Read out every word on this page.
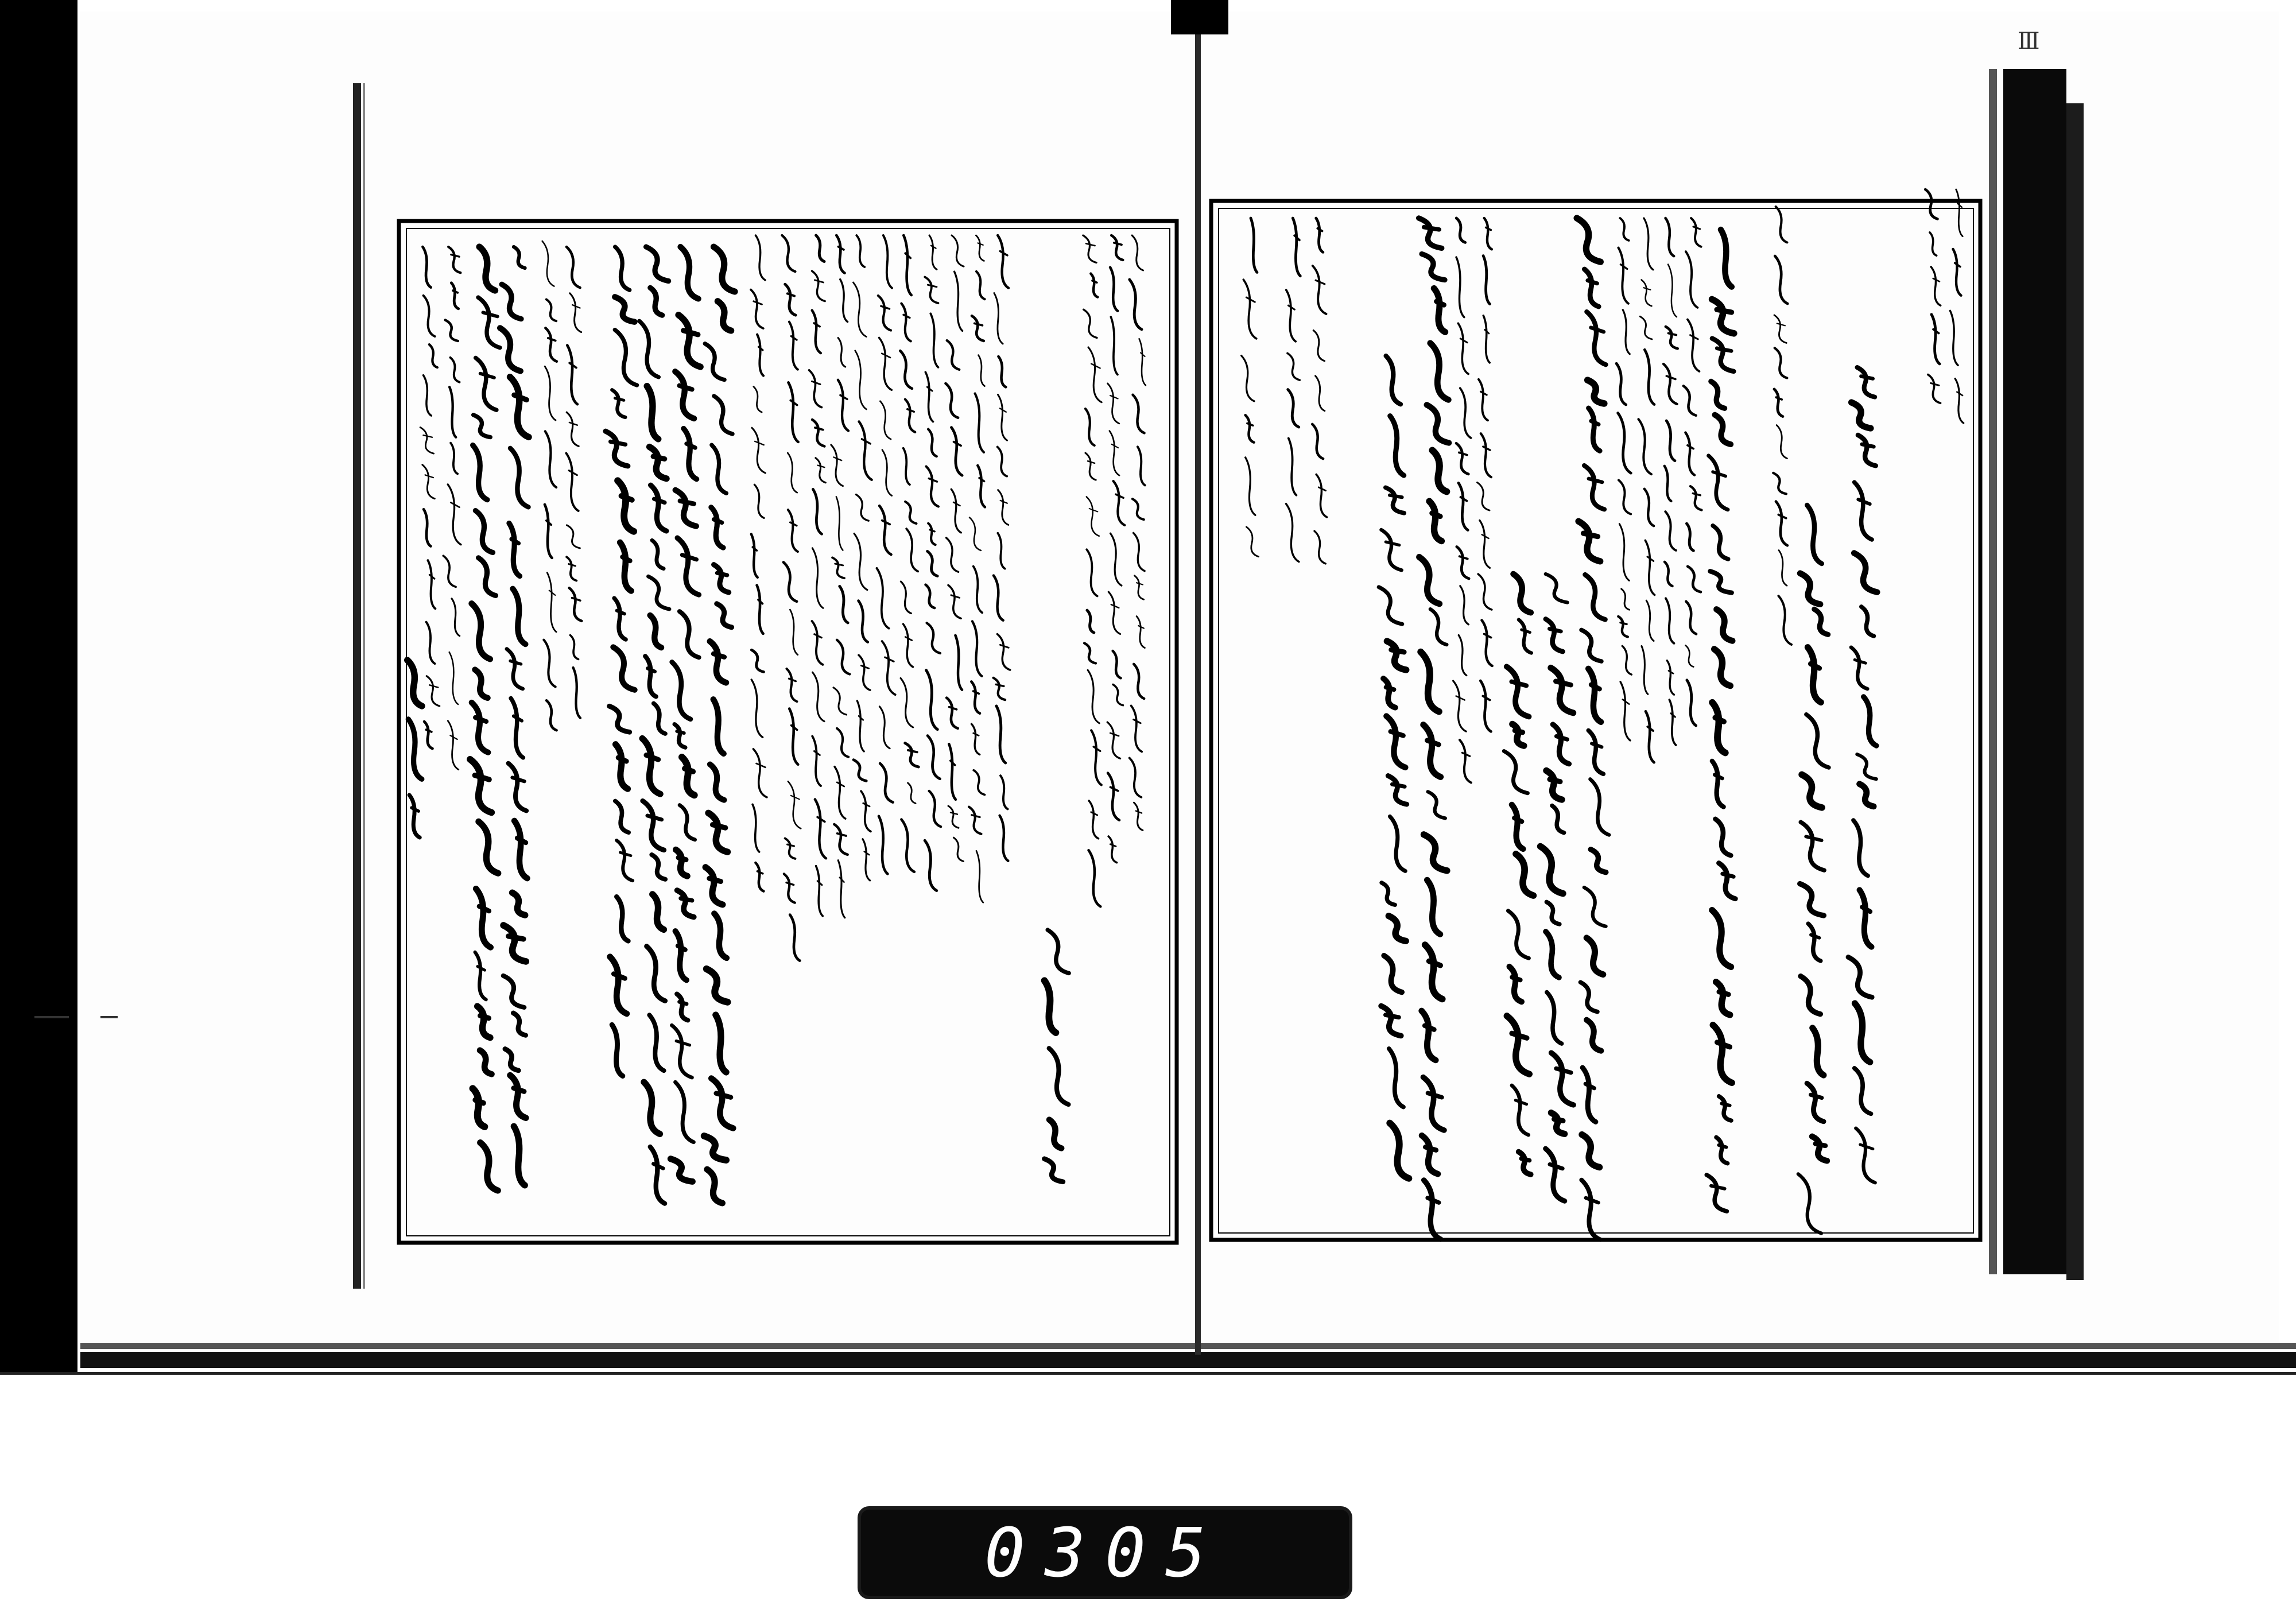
Ⅲ
0305
